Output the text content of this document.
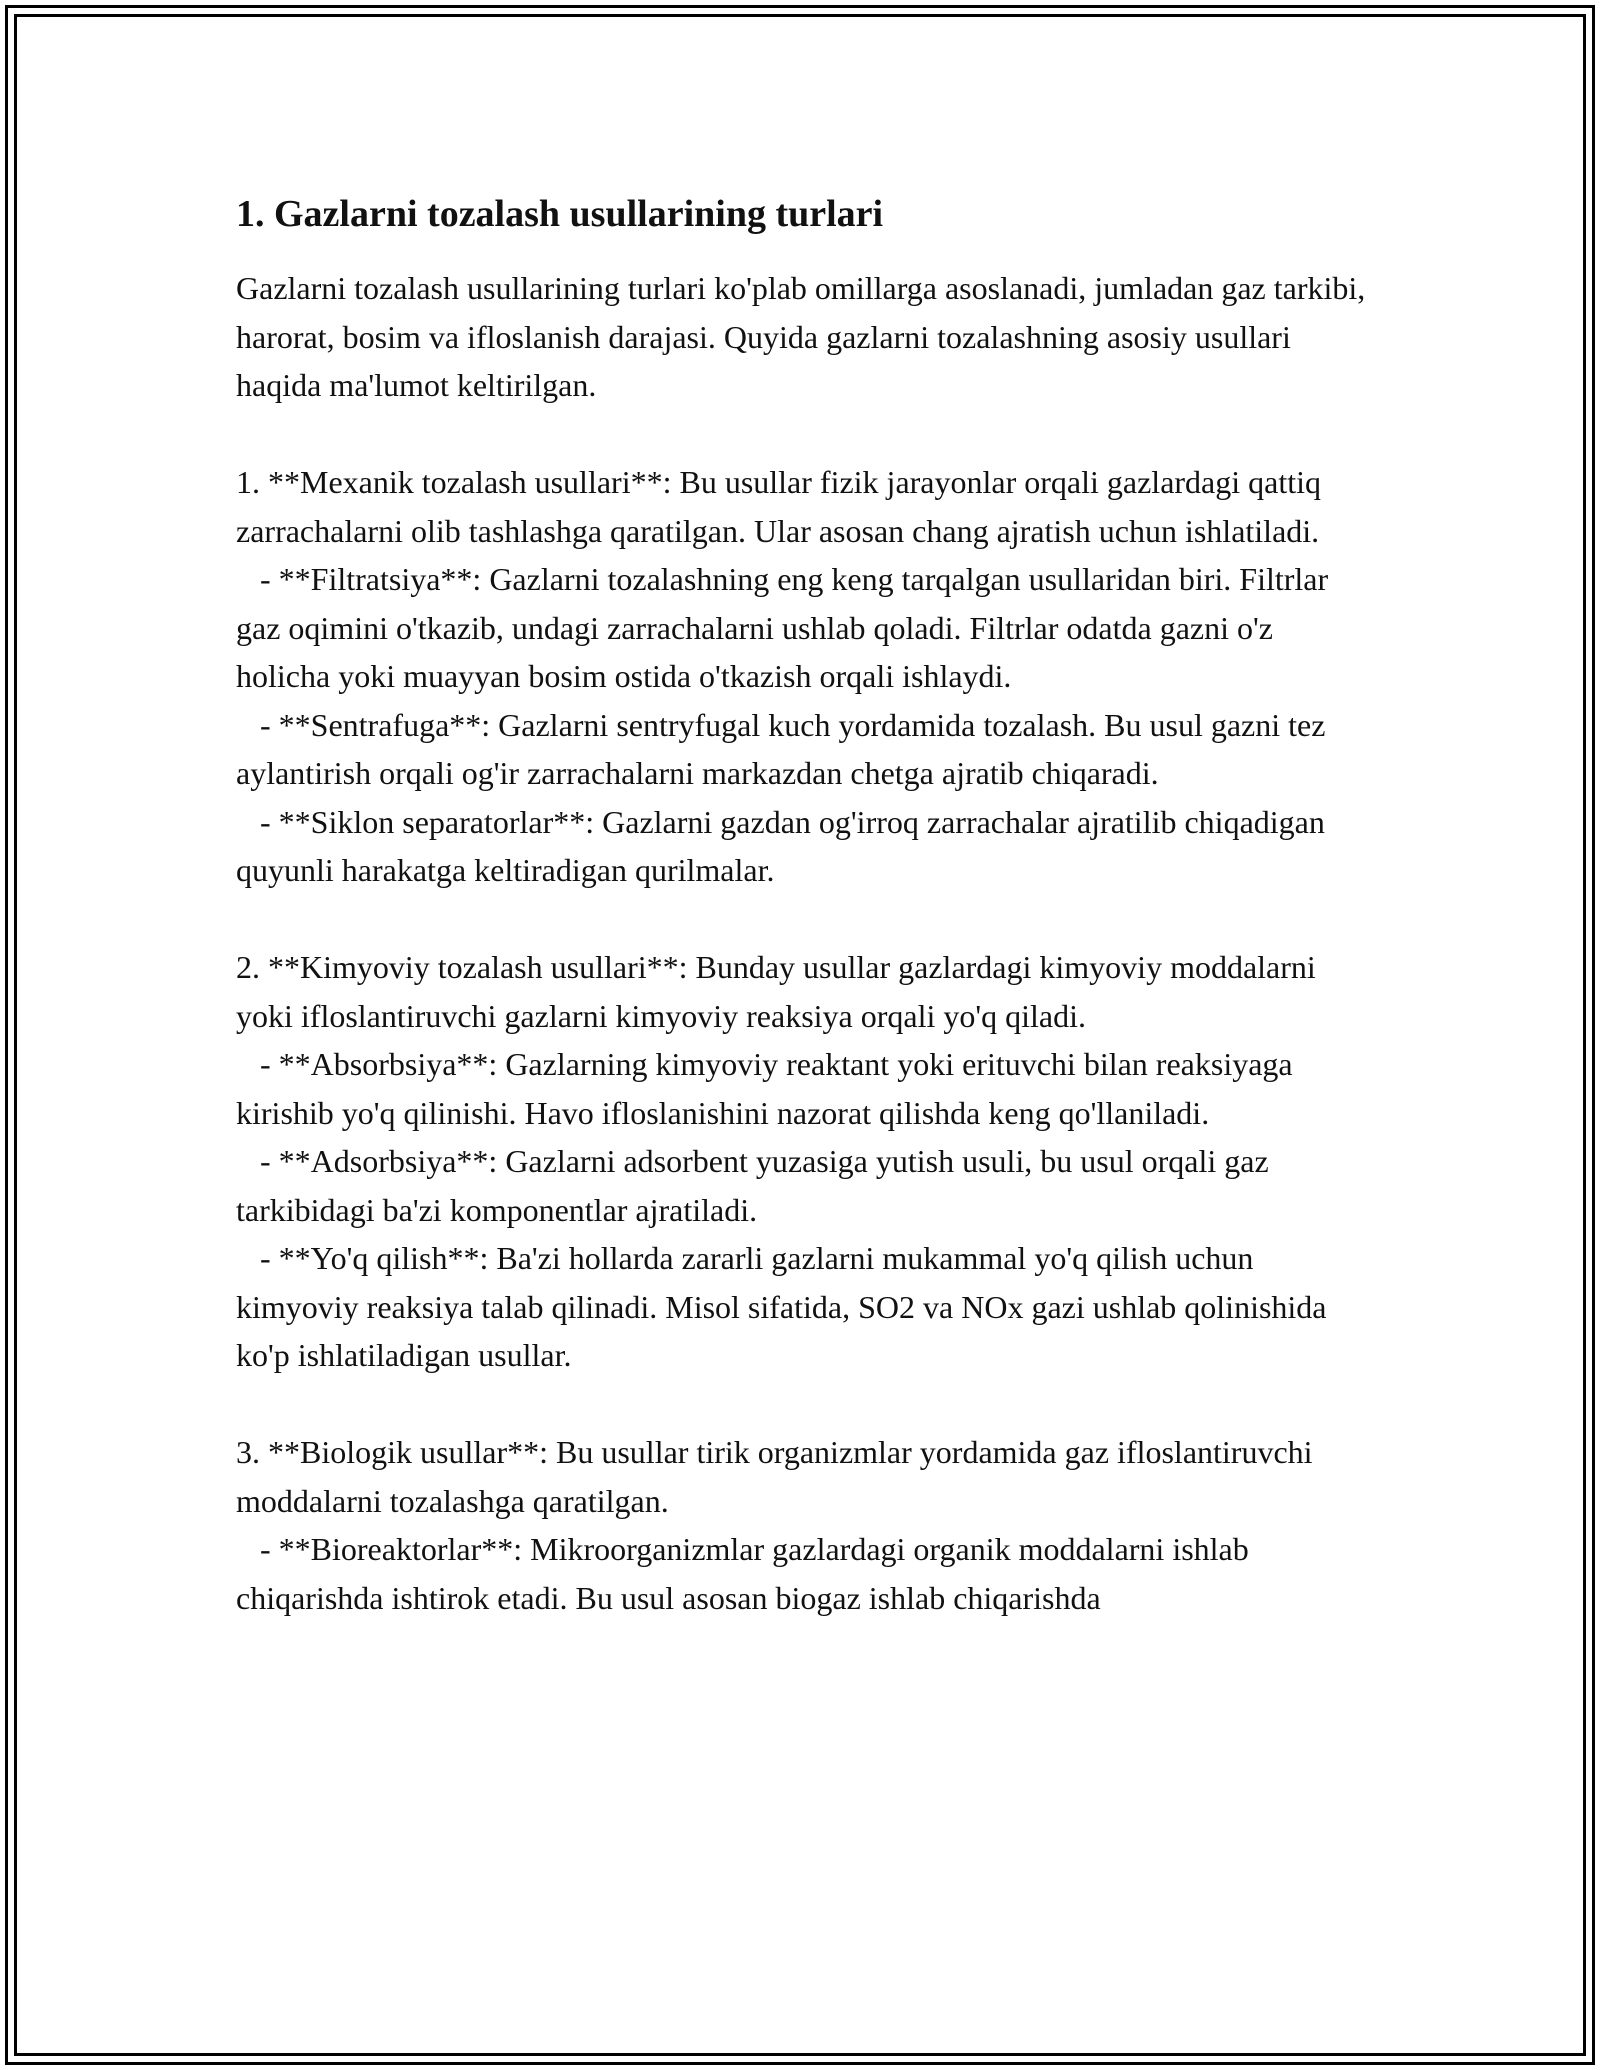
1. Gazlarni tozalash usullarining turlari

Gazlarni tozalash usullarining turlari ko'plab omillarga asoslanadi, jumladan gaz tarkibi, harorat, bosim va ifloslanish darajasi. Quyida gazlarni tozalashning asosiy usullari haqida ma'lumot keltirilgan.

1. **Mexanik tozalash usullari**: Bu usullar fizik jarayonlar orqali gazlardagi qattiq zarrachalarni olib tashlashga qaratilgan. Ular asosan chang ajratish uchun ishlatiladi.

- **Filtratsiya**: Gazlarni tozalashning eng keng tarqalgan usullaridan biri. Filtrlar gaz oqimini o'tkazib, undagi zarrachalarni ushlab qoladi. Filtrlar odatda gazni o'z holicha yoki muayyan bosim ostida o'tkazish orqali ishlaydi.

- **Sentrafuga**: Gazlarni sentryfugal kuch yordamida tozalash. Bu usul gazni tez aylantirish orqali og'ir zarrachalarni markazdan chetga ajratib chiqaradi.

- **Siklon separatorlar**: Gazlarni gazdan og'irroq zarrachalar ajratilib chiqadigan quyunli harakatga keltiradigan qurilmalar.

2. **Kimyoviy tozalash usullari**: Bunday usullar gazlardagi kimyoviy moddalarni yoki ifloslantiruvchi gazlarni kimyoviy reaksiya orqali yo'q qiladi.

- **Absorbsiya**: Gazlarning kimyoviy reaktant yoki erituvchi bilan reaksiyaga kirishib yo'q qilinishi. Havo ifloslanishini nazorat qilishda keng qo'llaniladi.

- **Adsorbsiya**: Gazlarni adsorbent yuzasiga yutish usuli, bu usul orqali gaz tarkibidagi ba'zi komponentlar ajratiladi.

- **Yo'q qilish**: Ba'zi hollarda zararli gazlarni mukammal yo'q qilish uchun kimyoviy reaksiya talab qilinadi. Misol sifatida, SO2 va NOx gazi ushlab qolinishida ko'p ishlatiladigan usullar.

3. **Biologik usullar**: Bu usullar tirik organizmlar yordamida gaz ifloslantiruvchi moddalarni tozalashga qaratilgan.

- **Bioreaktorlar**: Mikroorganizmlar gazlardagi organik moddalarni ishlab chiqarishda ishtirok etadi. Bu usul asosan biogaz ishlab chiqarishda
